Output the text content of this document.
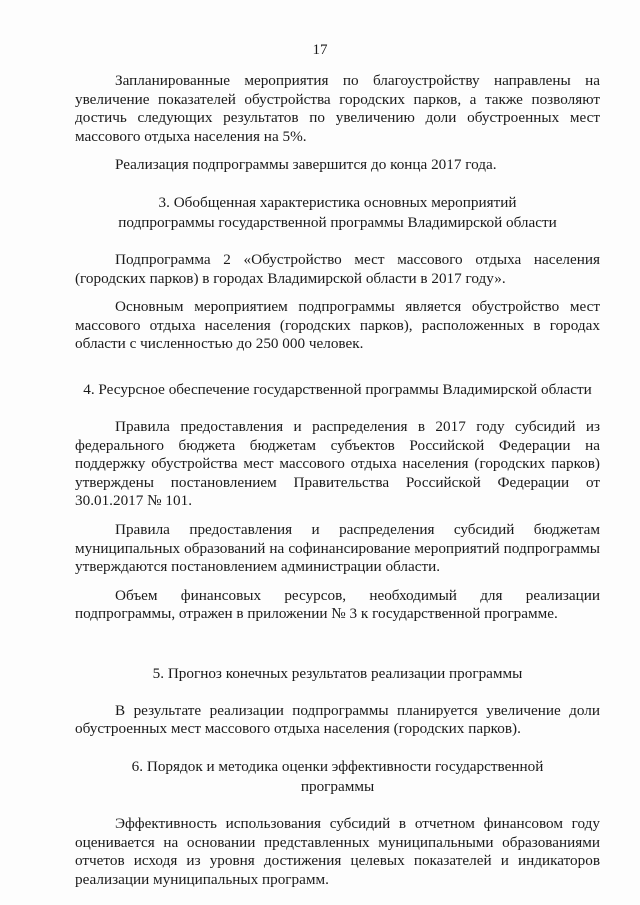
17

Запланированные мероприятия по благоустройству направлены на увеличение показателей обустройства городских парков, а также позволяют достичь следующих результатов по увеличению доли обустроенных мест массового отдыха населения на 5%.

Реализация подпрограммы завершится до конца 2017 года.

3. Обобщенная характеристика основных мероприятий
подпрограммы государственной программы Владимирской области

Подпрограмма 2 «Обустройство мест массового отдыха населения (городских парков) в городах Владимирской области в 2017 году».

Основным мероприятием подпрограммы является обустройство мест массового отдыха населения (городских парков), расположенных в городах области с численностью до 250 000 человек.

4. Ресурсное обеспечение государственной программы Владимирской области

Правила предоставления и распределения в 2017 году субсидий из федерального бюджета бюджетам субъектов Российской Федерации на поддержку обустройства мест массового отдыха населения (городских парков) утверждены постановлением Правительства Российской Федерации от 30.01.2017 № 101.

Правила предоставления и распределения субсидий бюджетам муниципальных образований на софинансирование мероприятий подпрограммы утверждаются постановлением администрации области.

Объем финансовых ресурсов, необходимый для реализации подпрограммы, отражен в приложении № 3 к государственной программе.

5. Прогноз конечных результатов реализации программы

В результате реализации подпрограммы планируется увеличение доли обустроенных мест массового отдыха населения (городских парков).

6. Порядок и методика оценки эффективности государственной
программы

Эффективность использования субсидий в отчетном финансовом году оценивается на основании представленных муниципальными образованиями отчетов исходя из уровня достижения целевых показателей и индикаторов реализации муниципальных программ.
